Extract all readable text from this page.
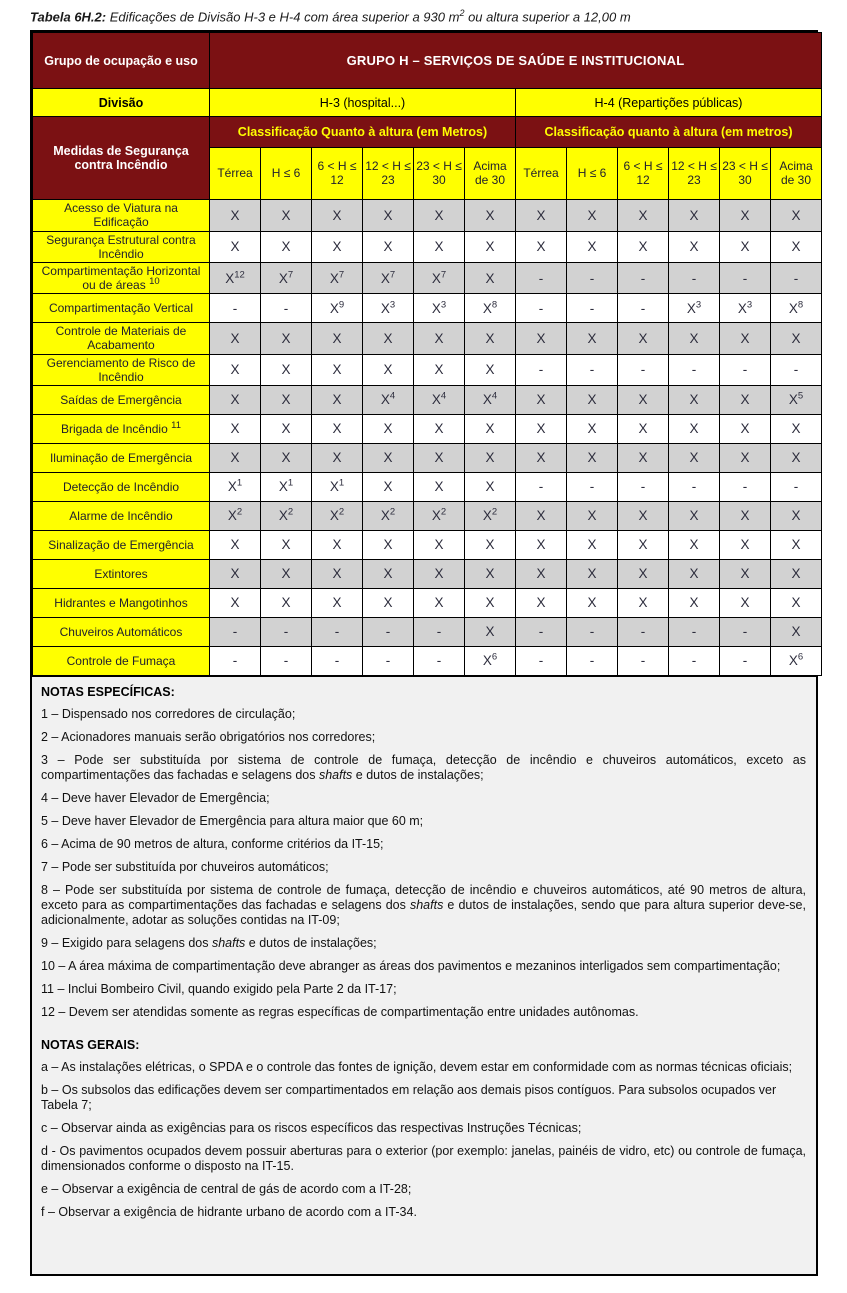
Tabela 6H.2: Edificações de Divisão H-3 e H-4 com área superior a 930 $m^2$ ou altura superior a 12,00 m
Grupo de ocupação e uso	GRUPO H – SERVIÇOS DE SAÚDE E INSTITUCIONAL											
Divisão	H-3 (hospital...)						H-4 (Repartições públicas)					
Medidas de Segurança contra Incêndio	Classificação Quanto à altura (em Metros)						Classificação quanto à altura (em metros)					
	Térrea	H ≤ 6	6 < H ≤ 12	12 < H ≤ 23	23 < H ≤ 30	Acima de 30	Térrea	H ≤ 6	6 < H ≤ 12	12 < H ≤ 23	23 < H ≤ 30	Acima de 30
Acesso de Viatura na Edificação	X	X	X	X	X	X	X	X	X	X	X	X
Segurança Estrutural contra Incêndio	X	X	X	X	X	X	X	X	X	X	X	X
Compartimentação Horizontal ou de áreas $^{10}$	$X^{12}$	$X^7$	$X^7$	$X^7$	$X^7$	X	-	-	-	-	-	-
Compartimentação Vertical	-	-	$X^9$	$X^3$	$X^3$	$X^8$	-	-	-	$X^3$	$X^3$	$X^8$
Controle de Materiais de Acabamento	X	X	X	X	X	X	X	X	X	X	X	X
Gerenciamento de Risco de Incêndio	X	X	X	X	X	X	-	-	-	-	-	-
Saídas de Emergência	X	X	X	$X^4$	$X^4$	$X^4$	X	X	X	X	X	$X^5$
Brigada de Incêndio $^{11}$	X	X	X	X	X	X	X	X	X	X	X	X
Iluminação de Emergência	X	X	X	X	X	X	X	X	X	X	X	X
Detecção de Incêndio	$X^1$	$X^1$	$X^1$	X	X	X	-	-	-	-	-	-
Alarme de Incêndio	$X^2$	$X^2$	$X^2$	$X^2$	$X^2$	$X^2$	X	X	X	X	X	X
Sinalização de Emergência	X	X	X	X	X	X	X	X	X	X	X	X
Extintores	X	X	X	X	X	X	X	X	X	X	X	X
Hidrantes e Mangotinhos	X	X	X	X	X	X	X	X	X	X	X	X
Chuveiros Automáticos	-	-	-	-	-	X	-	-	-	-	-	X
Controle de Fumaça	-	-	-	-	-	$X^6$	-	-	-	-	-	$X^6$
NOTAS ESPECÍFICAS:

1 – Dispensado nos corredores de circulação;

2 – Acionadores manuais serão obrigatórios nos corredores;

3 – Pode ser substituída por sistema de controle de fumaça, detecção de incêndio e chuveiros automáticos, exceto as compartimentações das fachadas e selagens dos shafts e dutos de instalações;

4 – Deve haver Elevador de Emergência;

5 – Deve haver Elevador de Emergência para altura maior que 60 m;

6 – Acima de 90 metros de altura, conforme critérios da IT-15;

7 – Pode ser substituída por chuveiros automáticos;

8 – Pode ser substituída por sistema de controle de fumaça, detecção de incêndio e chuveiros automáticos, até 90 metros de altura, exceto para as compartimentações das fachadas e selagens dos shafts e dutos de instalações, sendo que para altura superior deve-se, adicionalmente, adotar as soluções contidas na IT-09;

9 – Exigido para selagens dos shafts e dutos de instalações;

10 – A área máxima de compartimentação deve abranger as áreas dos pavimentos e mezaninos interligados sem compartimentação;

11 – Inclui Bombeiro Civil, quando exigido pela Parte 2 da IT-17;

12 – Devem ser atendidas somente as regras específicas de compartimentação entre unidades autônomas.

NOTAS GERAIS:

a – As instalações elétricas, o SPDA e o controle das fontes de ignição, devem estar em conformidade com as normas técnicas oficiais;

b – Os subsolos das edificações devem ser compartimentados em relação aos demais pisos contíguos. Para subsolos ocupados ver Tabela 7;

c – Observar ainda as exigências para os riscos específicos das respectivas Instruções Técnicas;

d - Os pavimentos ocupados devem possuir aberturas para o exterior (por exemplo: janelas, painéis de vidro, etc) ou controle de fumaça, dimensionados conforme o disposto na IT-15.

e – Observar a exigência de central de gás de acordo com a IT-28;

f – Observar a exigência de hidrante urbano de acordo com a IT-34.
